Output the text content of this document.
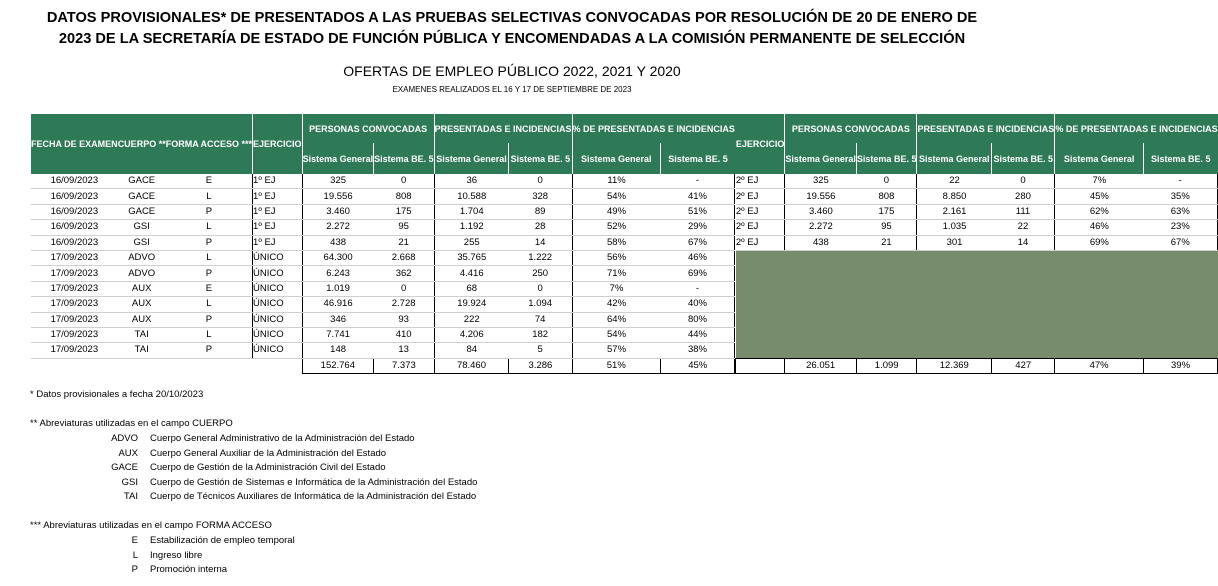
DATOS PROVISIONALES* DE PRESENTADOS A LAS PRUEBAS SELECTIVAS CONVOCADAS POR RESOLUCIÓN DE 20 DE ENERO DE
2023 DE LA SECRETARÍA DE ESTADO DE FUNCIÓN PÚBLICA Y ENCOMENDADAS A LA COMISIÓN PERMANENTE DE SELECCIÓN
OFERTAS DE EMPLEO PÚBLICO 2022, 2021 Y 2020
EXAMENES REALIZADOS EL 16 Y 17 DE SEPTIEMBRE DE 2023
FECHA DE EXAMEN	CUERPO **	FORMA ACCESO ***	EJERCICIO	PERSONAS CONVOCADAS		PRESENTADAS E INCIDENCIAS		% DE PRESENTADAS E INCIDENCIAS		EJERCICIO	PERSONAS CONVOCADAS		PRESENTADAS E INCIDENCIAS		% DE PRESENTADAS E INCIDENCIAS	
				Sistema General	Sistema BE. 5	Sistema General	Sistema BE. 5	Sistema General	Sistema BE. 5		Sistema General	Sistema BE. 5	Sistema General	Sistema BE. 5	Sistema General	Sistema BE. 5
16/09/2023	GACE	E	1º EJ	325	0	36	0	11%	-		2º EJ	325	0	22	0	7%	-
16/09/2023	GACE	L	1º EJ	19.556	808	10.588	328	54%	41%		2º EJ	19.556	808	8.850	280	45%	35%
16/09/2023	GACE	P	1º EJ	3.460	175	1.704	89	49%	51%		2º EJ	3.460	175	2.161	111	62%	63%
16/09/2023	GSI	L	1º EJ	2.272	95	1.192	28	52%	29%		2º EJ	2.272	95	1.035	22	46%	23%
16/09/2023	GSI	P	1º EJ	438	21	255	14	58%	67%		2º EJ	438	21	301	14	69%	67%
17/09/2023	ADVO	L	ÚNICO	64.300	2.668	35.765	1.222	56%	46%							
17/09/2023	ADVO	P	ÚNICO	6.243	362	4.416	250	71%	69%							
17/09/2023	AUX	E	ÚNICO	1.019	0	68	0	7%	-							
17/09/2023	AUX	L	ÚNICO	46.916	2.728	19.924	1.094	42%	40%							
17/09/2023	AUX	P	ÚNICO	346	93	222	74	64%	80%							
17/09/2023	TAI	L	ÚNICO	7.741	410	4.206	182	54%	44%							
17/09/2023	TAI	P	ÚNICO	148	13	84	5	57%	38%							
				152.764	7.373	78.460	3.286	51%	45%			26.051	1.099	12.369	427	47%	39%
* Datos provisionales a fecha 20/10/2023
** Abreviaturas utilizadas en el campo CUERPO
ADVO Cuerpo General Administrativo de la Administración del Estado
AUX Cuerpo General Auxiliar de la Administración del Estado
GACE Cuerpo de Gestión de la Administración Civil del Estado
GSI Cuerpo de Gestión de Sistemas e Informática de la Administración del Estado
TAI Cuerpo de Técnicos Auxiliares de Informática de la Administración del Estado
*** Abreviaturas utilizadas en el campo FORMA ACCESO
E Estabilización de empleo temporal
L Ingreso libre
P Promoción interna
